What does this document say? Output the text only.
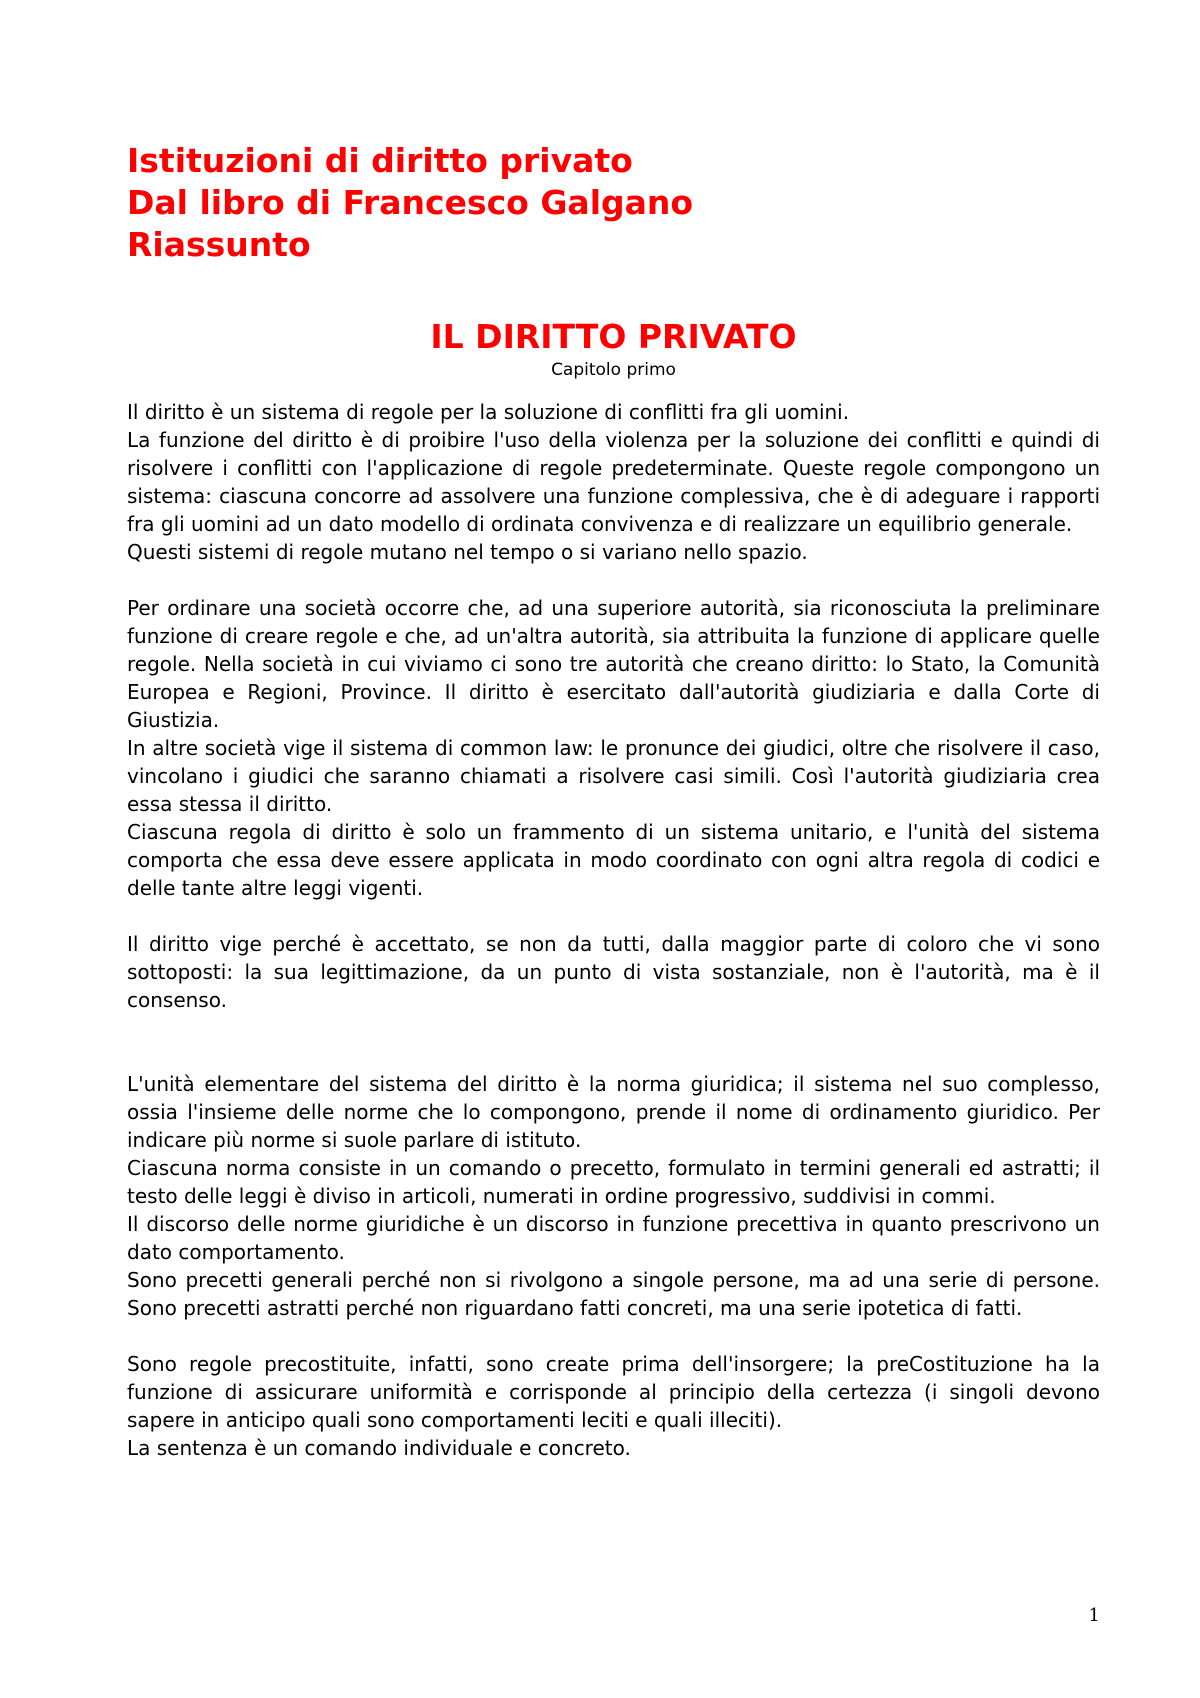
Istituzioni di diritto privato
Dal libro di Francesco Galgano
Riassunto
IL DIRITTO PRIVATO
Capitolo primo

Il diritto è un sistema di regole per la soluzione di conflitti fra gli uomini.

La funzione del diritto è di proibire l'uso della violenza per la soluzione dei conflitti e quindi di risolvere i conflitti con l'applicazione di regole predeterminate. Queste regole compongono un sistema: ciascuna concorre ad assolvere una funzione complessiva, che è di adeguare i rapporti fra gli uomini ad un dato modello di ordinata convivenza e di realizzare un equilibrio generale.

Questi sistemi di regole mutano nel tempo o si variano nello spazio.

Per ordinare una società occorre che, ad una superiore autorità, sia riconosciuta la preliminare funzione di creare regole e che, ad un'altra autorità, sia attribuita la funzione di applicare quelle regole. Nella società in cui viviamo ci sono tre autorità che creano diritto: lo Stato, la Comunità Europea e Regioni, Province. Il diritto è esercitato dall'autorità giudiziaria e dalla Corte di Giustizia.

In altre società vige il sistema di common law: le pronunce dei giudici, oltre che risolvere il caso, vincolano i giudici che saranno chiamati a risolvere casi simili. Così l'autorità giudiziaria crea essa stessa il diritto.

Ciascuna regola di diritto è solo un frammento di un sistema unitario, e l'unità del sistema comporta che essa deve essere applicata in modo coordinato con ogni altra regola di codici e delle tante altre leggi vigenti.

Il diritto vige perché è accettato, se non da tutti, dalla maggior parte di coloro che vi sono sottoposti: la sua legittimazione, da un punto di vista sostanziale, non è l'autorità, ma è il consenso.

L'unità elementare del sistema del diritto è la norma giuridica; il sistema nel suo complesso, ossia l'insieme delle norme che lo compongono, prende il nome di ordinamento giuridico. Per indicare più norme si suole parlare di istituto.

Ciascuna norma consiste in un comando o precetto, formulato in termini generali ed astratti; il testo delle leggi è diviso in articoli, numerati in ordine progressivo, suddivisi in commi.

Il discorso delle norme giuridiche è un discorso in funzione precettiva in quanto prescrivono un dato comportamento.

Sono precetti generali perché non si rivolgono a singole persone, ma ad una serie di persone. Sono precetti astratti perché non riguardano fatti concreti, ma una serie ipotetica di fatti.

Sono regole precostituite, infatti, sono create prima dell'insorgere; la preCostituzione ha la funzione di assicurare uniformità e corrisponde al principio della certezza (i singoli devono sapere in anticipo quali sono comportamenti leciti e quali illeciti).

La sentenza è un comando individuale e concreto.

1
